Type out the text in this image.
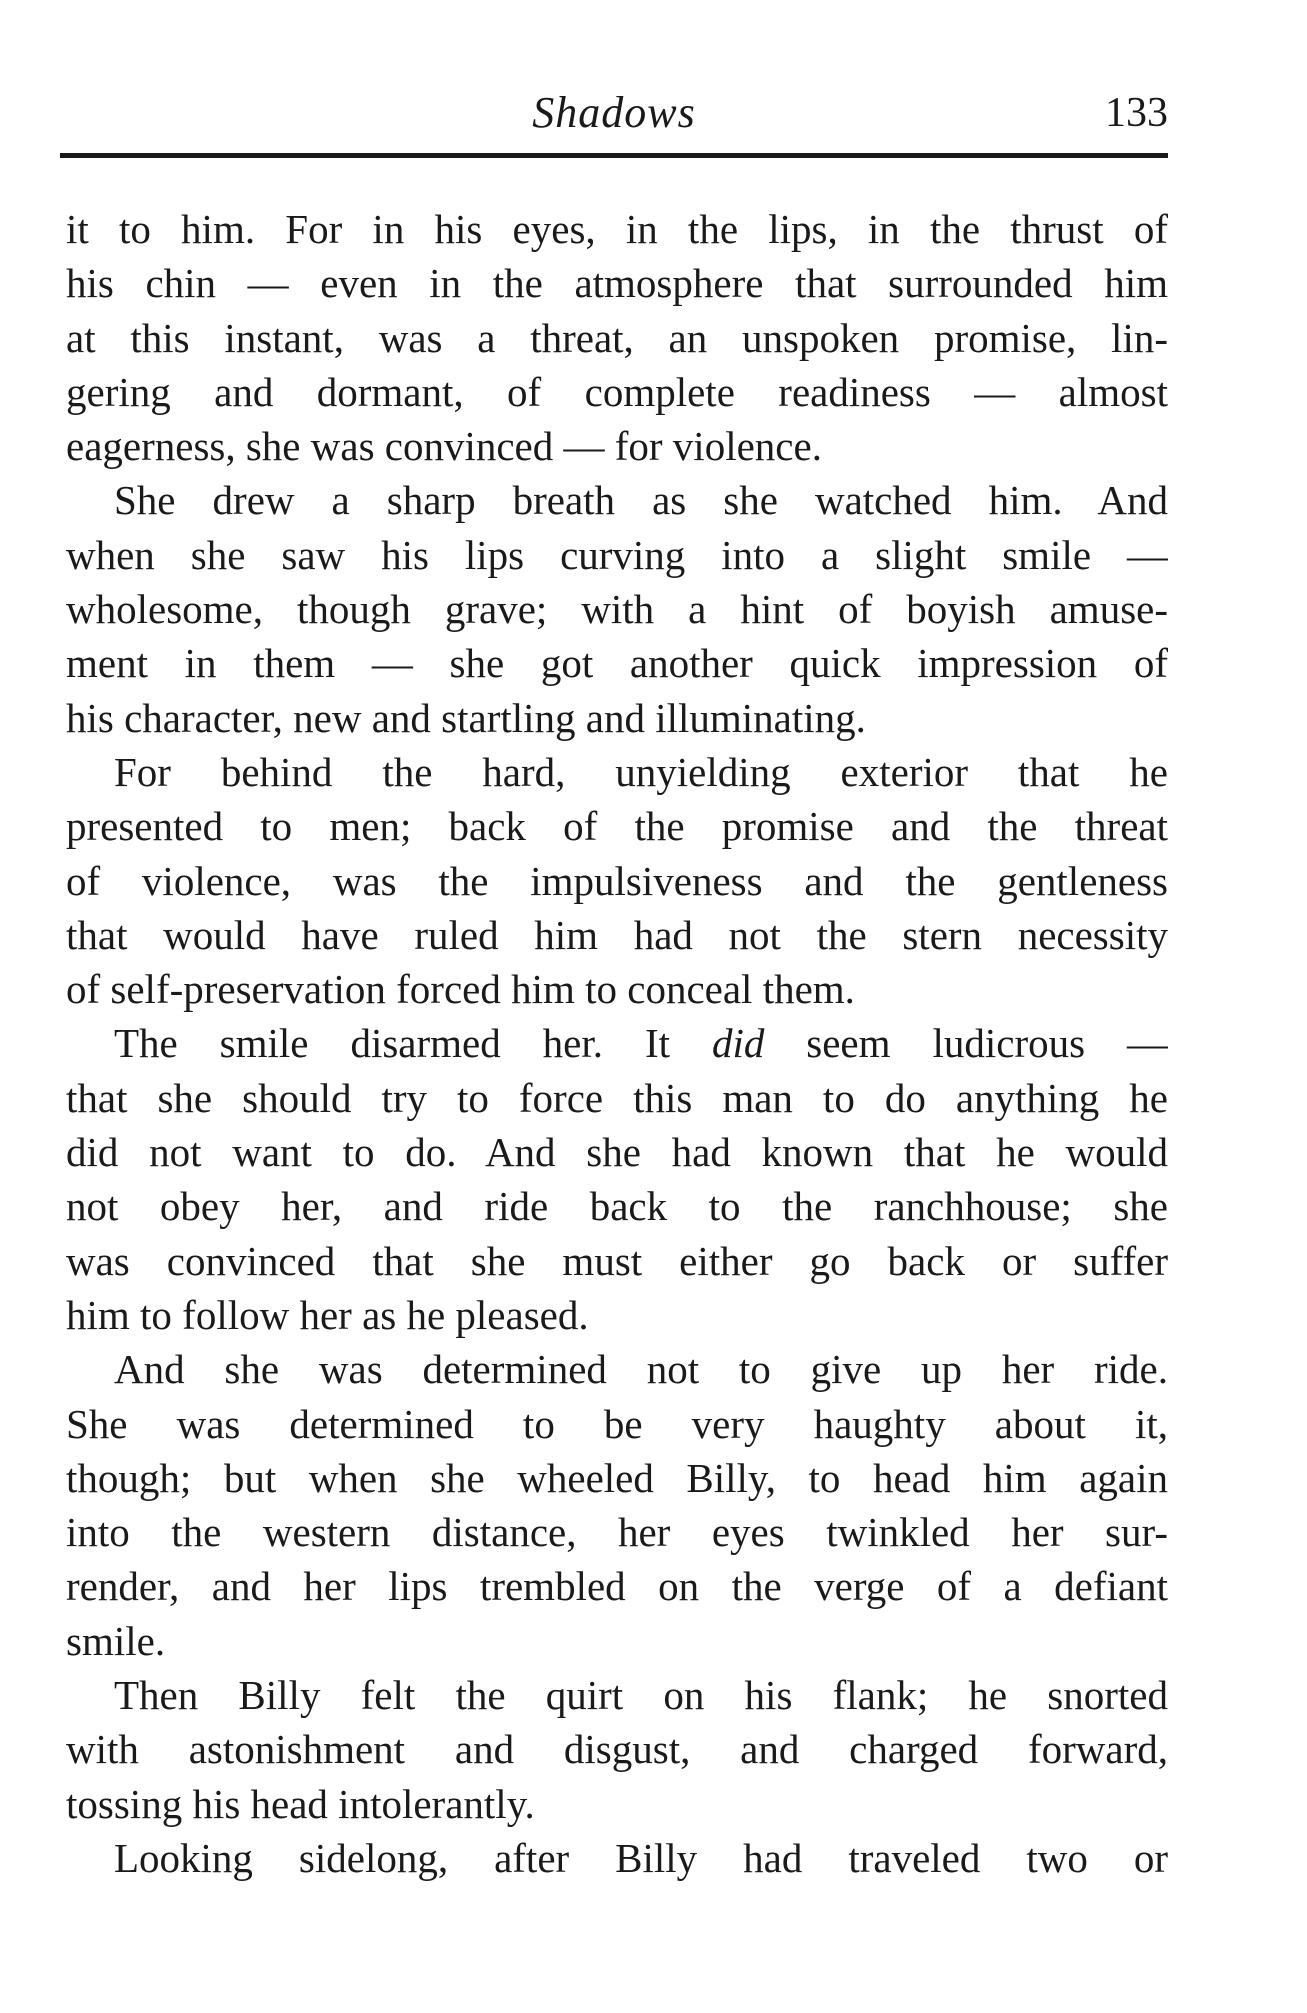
Shadows	133
it to him. For in his eyes, in the lips, in the thrust of
his chin — even in the atmosphere that surrounded him
at this instant, was a threat, an unspoken promise, lin-
gering and dormant, of complete readiness — almost
eagerness, she was convinced — for violence.
She drew a sharp breath as she watched him. And
when she saw his lips curving into a slight smile —
wholesome, though grave; with a hint of boyish amuse-
ment in them — she got another quick impression of
his character, new and startling and illuminating.
For behind the hard, unyielding exterior that he
presented to men; back of the promise and the threat
of violence, was the impulsiveness and the gentleness
that would have ruled him had not the stern necessity
of self-preservation forced him to conceal them.
The smile disarmed her. It did seem ludicrous —
that she should try to force this man to do anything he
did not want to do. And she had known that he would
not obey her, and ride back to the ranchhouse; she
was convinced that she must either go back or suffer
him to follow her as he pleased.
And she was determined not to give up her ride.
She was determined to be very haughty about it,
though; but when she wheeled Billy, to head him again
into the western distance, her eyes twinkled her sur-
render, and her lips trembled on the verge of a defiant
smile.
Then Billy felt the quirt on his flank; he snorted
with astonishment and disgust, and charged forward,
tossing his head intolerantly.
Looking sidelong, after Billy had traveled two or
